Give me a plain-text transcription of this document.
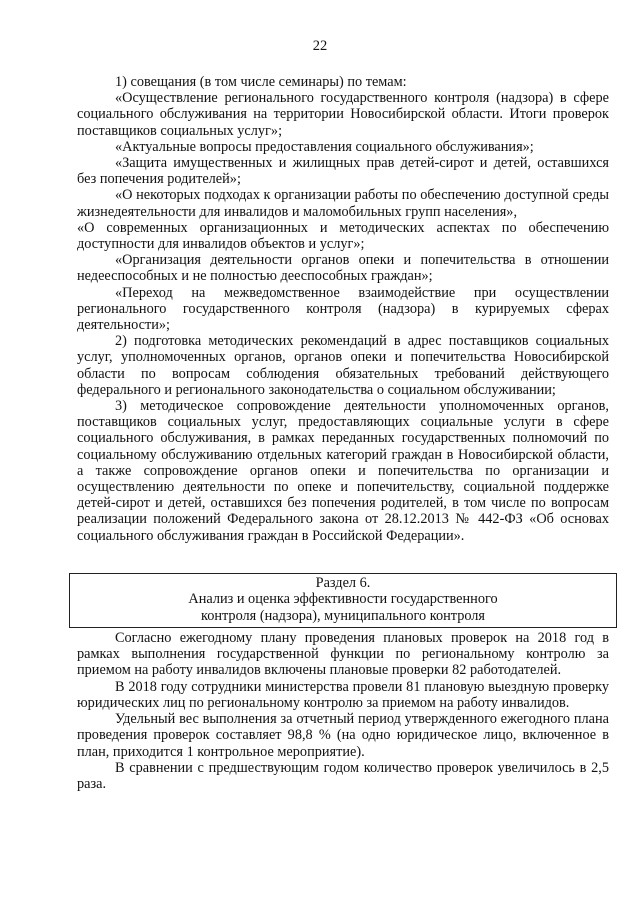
22

1) совещания (в том числе семинары) по темам:

«Осуществление регионального государственного контроля (надзора) в сфере социального обслуживания на территории Новосибирской области. Итоги проверок поставщиков социальных услуг»;

«Актуальные вопросы предоставления социального обслуживания»;

«Защита имущественных и жилищных прав детей-сирот и детей, оставшихся без попечения родителей»;

«О некоторых подходах к организации работы по обеспечению доступной среды жизнедеятельности для инвалидов и маломобильных групп населения»,

«О современных организационных и методических аспектах по обеспечению доступности для инвалидов объектов и услуг»;

«Организация деятельности органов опеки и попечительства в отношении недееспособных и не полностью дееспособных граждан»;

«Переход на межведомственное взаимодействие при осуществлении регионального государственного контроля (надзора) в курируемых сферах деятельности»;

2) подготовка методических рекомендаций в адрес поставщиков социальных услуг, уполномоченных органов, органов опеки и попечительства Новосибирской области по вопросам соблюдения обязательных требований действующего федерального и регионального законодательства о социальном обслуживании;

3) методическое сопровождение деятельности уполномоченных органов, поставщиков социальных услуг, предоставляющих социальные услуги в сфере социального обслуживания, в рамках переданных государственных полномочий по социальному обслуживанию отдельных категорий граждан в Новосибирской области, а также сопровождение органов опеки и попечительства по организации и осуществлению деятельности по опеке и попечительству, социальной поддержке детей-сирот и детей, оставшихся без попечения родителей, в том числе по вопросам реализации положений Федерального закона от 28.12.2013 № 442-ФЗ «Об основах социального обслуживания граждан в Российской Федерации».

Раздел 6.
Анализ и оценка эффективности государственного
контроля (надзора), муниципального контроля

Согласно ежегодному плану проведения плановых проверок на 2018 год в рамках выполнения государственной функции по региональному контролю за приемом на работу инвалидов включены плановые проверки 82 работодателей.

В 2018 году сотрудники министерства провели 81 плановую выездную проверку юридических лиц по региональному контролю за приемом на работу инвалидов.

Удельный вес выполнения за отчетный период утвержденного ежегодного плана проведения проверок составляет 98,8 % (на одно юридическое лицо, включенное в план, приходится 1 контрольное мероприятие).

В сравнении с предшествующим годом количество проверок увеличилось в 2,5 раза.
